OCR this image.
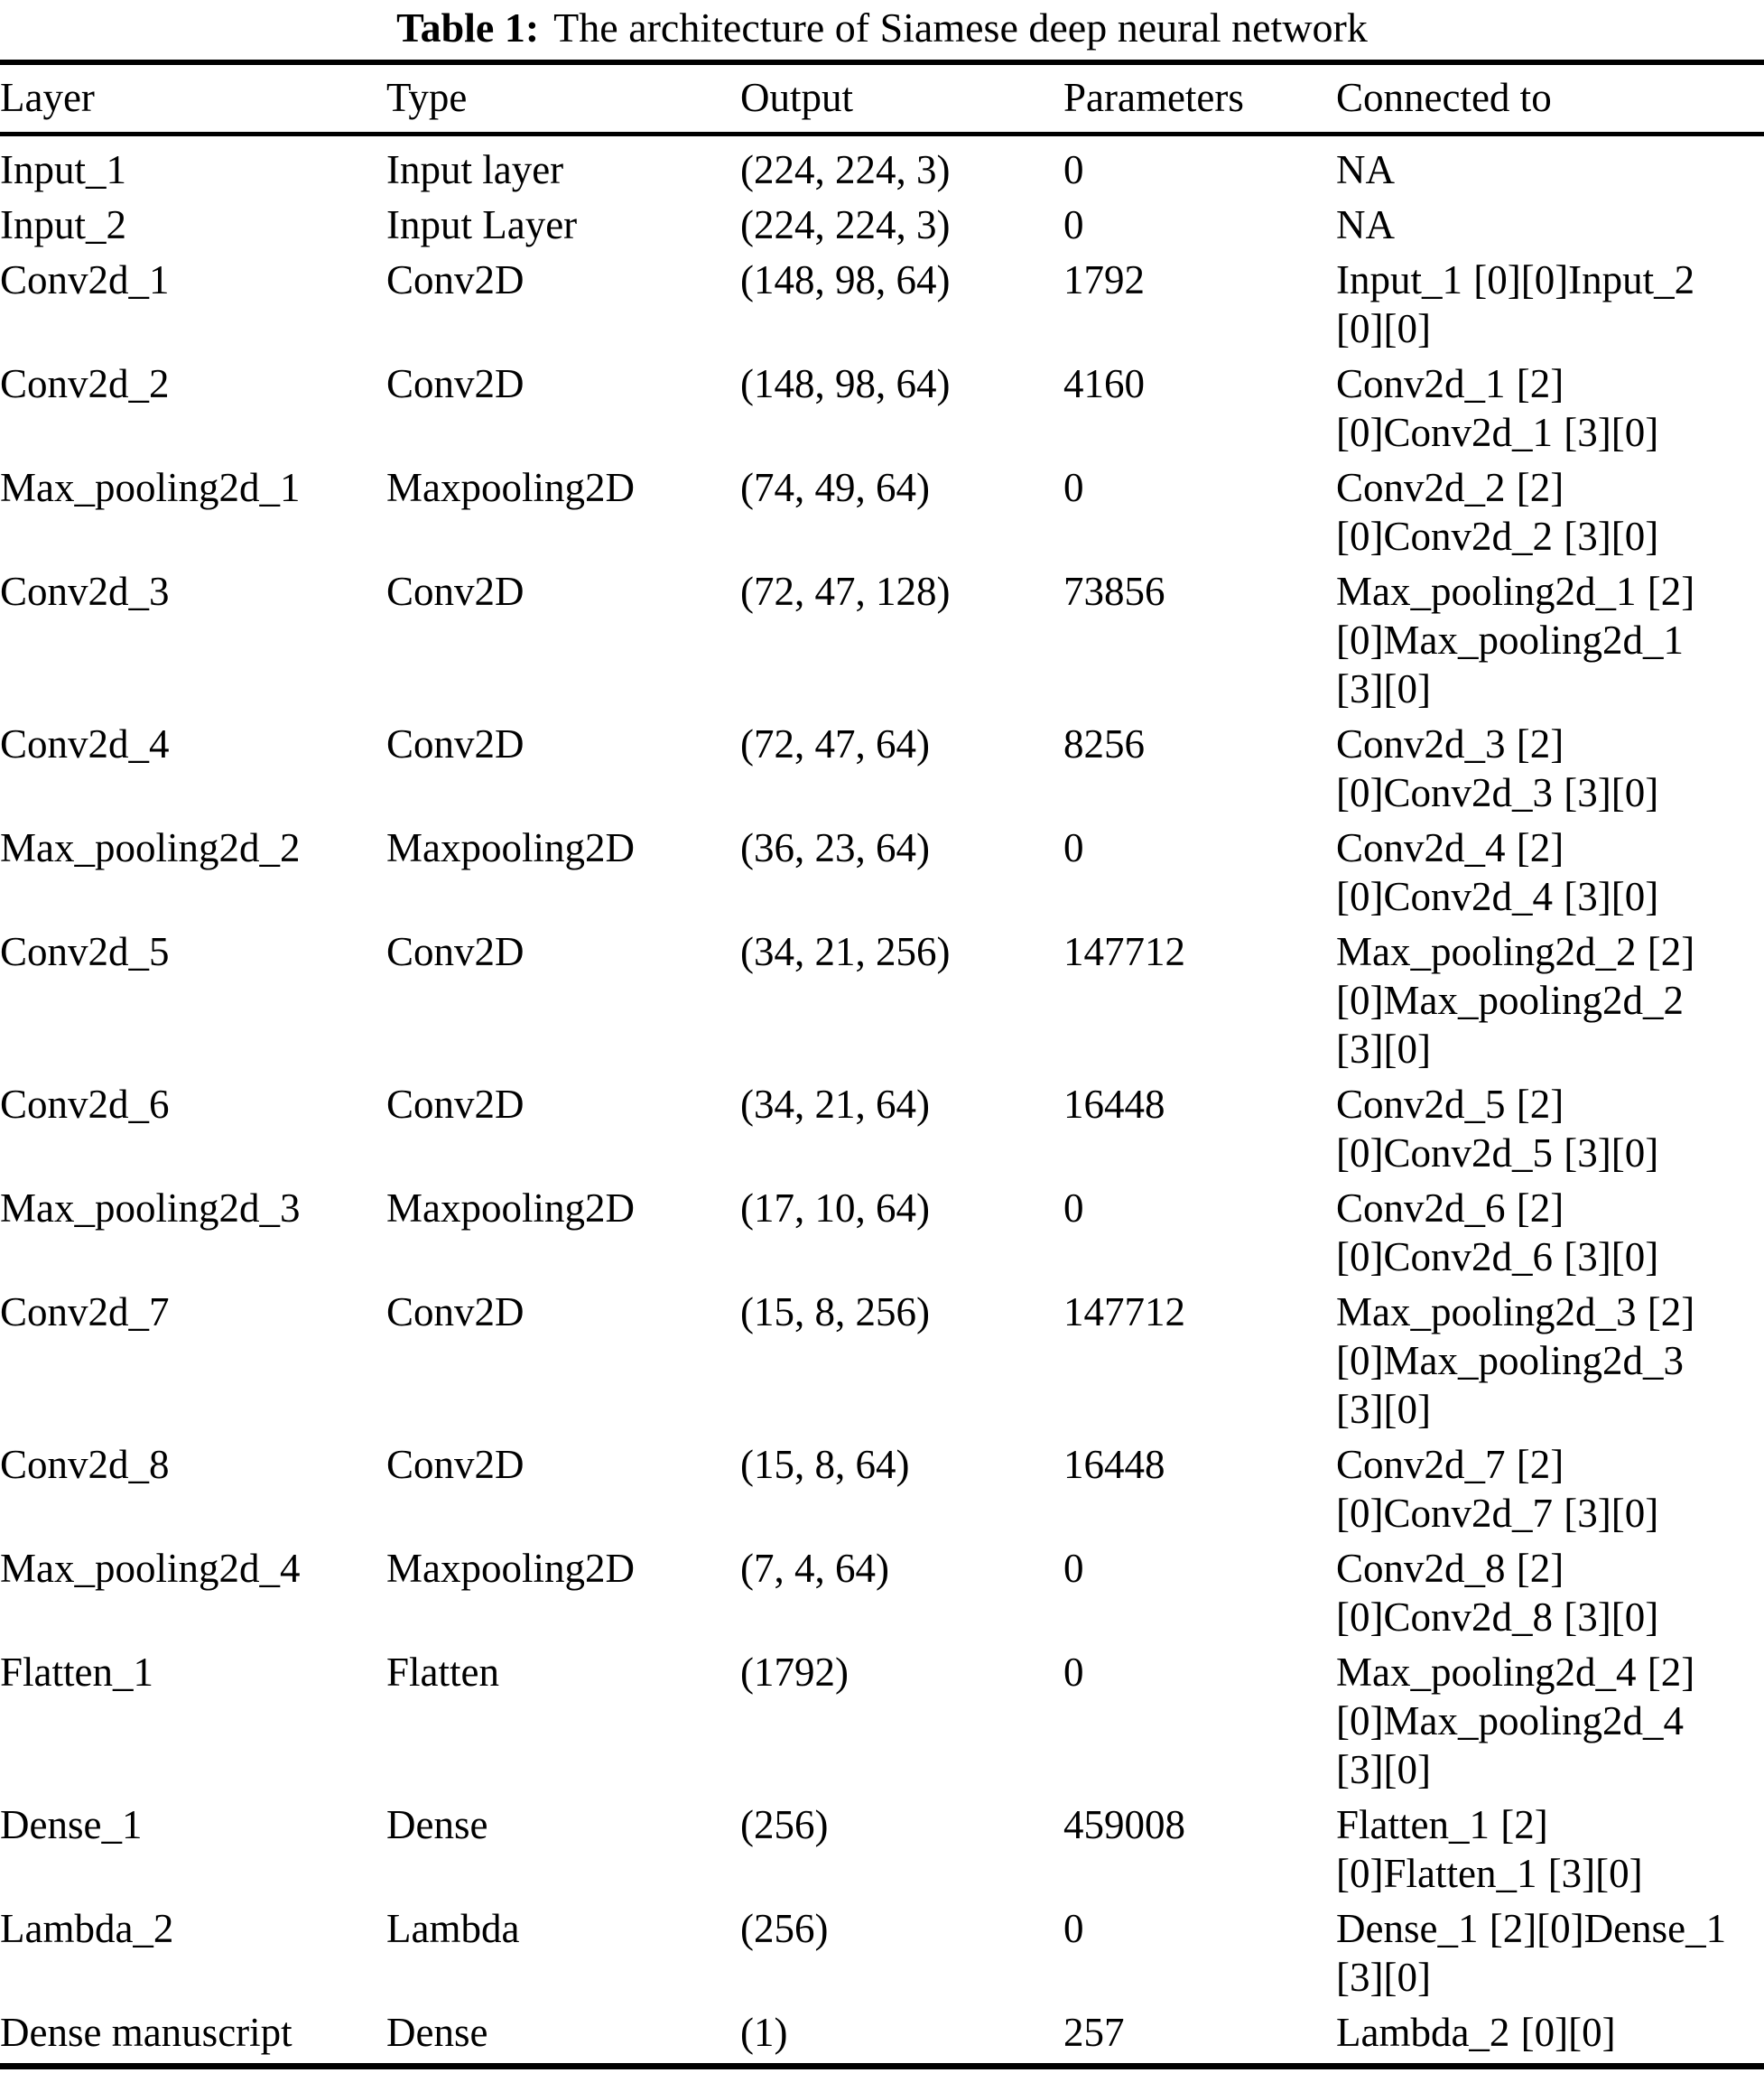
Table 1: The architecture of Siamese deep neural network
Layer	Type	Output	Parameters	Connected to
Input_1	Input layer	(224, 224, 3)	0	NA
Input_2	Input Layer	(224, 224, 3)	0	NA
Conv2d_1	Conv2D	(148, 98, 64)	1792	Input_1 [0][0]Input_2 [0][0]
Conv2d_2	Conv2D	(148, 98, 64)	4160	Conv2d_1 [2][0]Conv2d_1 [3][0]
Max_pooling2d_1	Maxpooling2D	(74, 49, 64)	0	Conv2d_2 [2][0]Conv2d_2 [3][0]
Conv2d_3	Conv2D	(72, 47, 128)	73856	Max_pooling2d_1 [2][0]Max_pooling2d_1 [3][0]
Conv2d_4	Conv2D	(72, 47, 64)	8256	Conv2d_3 [2][0]Conv2d_3 [3][0]
Max_pooling2d_2	Maxpooling2D	(36, 23, 64)	0	Conv2d_4 [2][0]Conv2d_4 [3][0]
Conv2d_5	Conv2D	(34, 21, 256)	147712	Max_pooling2d_2 [2][0]Max_pooling2d_2 [3][0]
Conv2d_6	Conv2D	(34, 21, 64)	16448	Conv2d_5 [2][0]Conv2d_5 [3][0]
Max_pooling2d_3	Maxpooling2D	(17, 10, 64)	0	Conv2d_6 [2][0]Conv2d_6 [3][0]
Conv2d_7	Conv2D	(15, 8, 256)	147712	Max_pooling2d_3 [2][0]Max_pooling2d_3 [3][0]
Conv2d_8	Conv2D	(15, 8, 64)	16448	Conv2d_7 [2][0]Conv2d_7 [3][0]
Max_pooling2d_4	Maxpooling2D	(7, 4, 64)	0	Conv2d_8 [2][0]Conv2d_8 [3][0]
Flatten_1	Flatten	(1792)	0	Max_pooling2d_4 [2][0]Max_pooling2d_4 [3][0]
Dense_1	Dense	(256)	459008	Flatten_1 [2][0]Flatten_1 [3][0]
Lambda_2	Lambda	(256)	0	Dense_1 [2][0]Dense_1 [3][0]
Dense manuscript	Dense	(1)	257	Lambda_2 [0][0]
